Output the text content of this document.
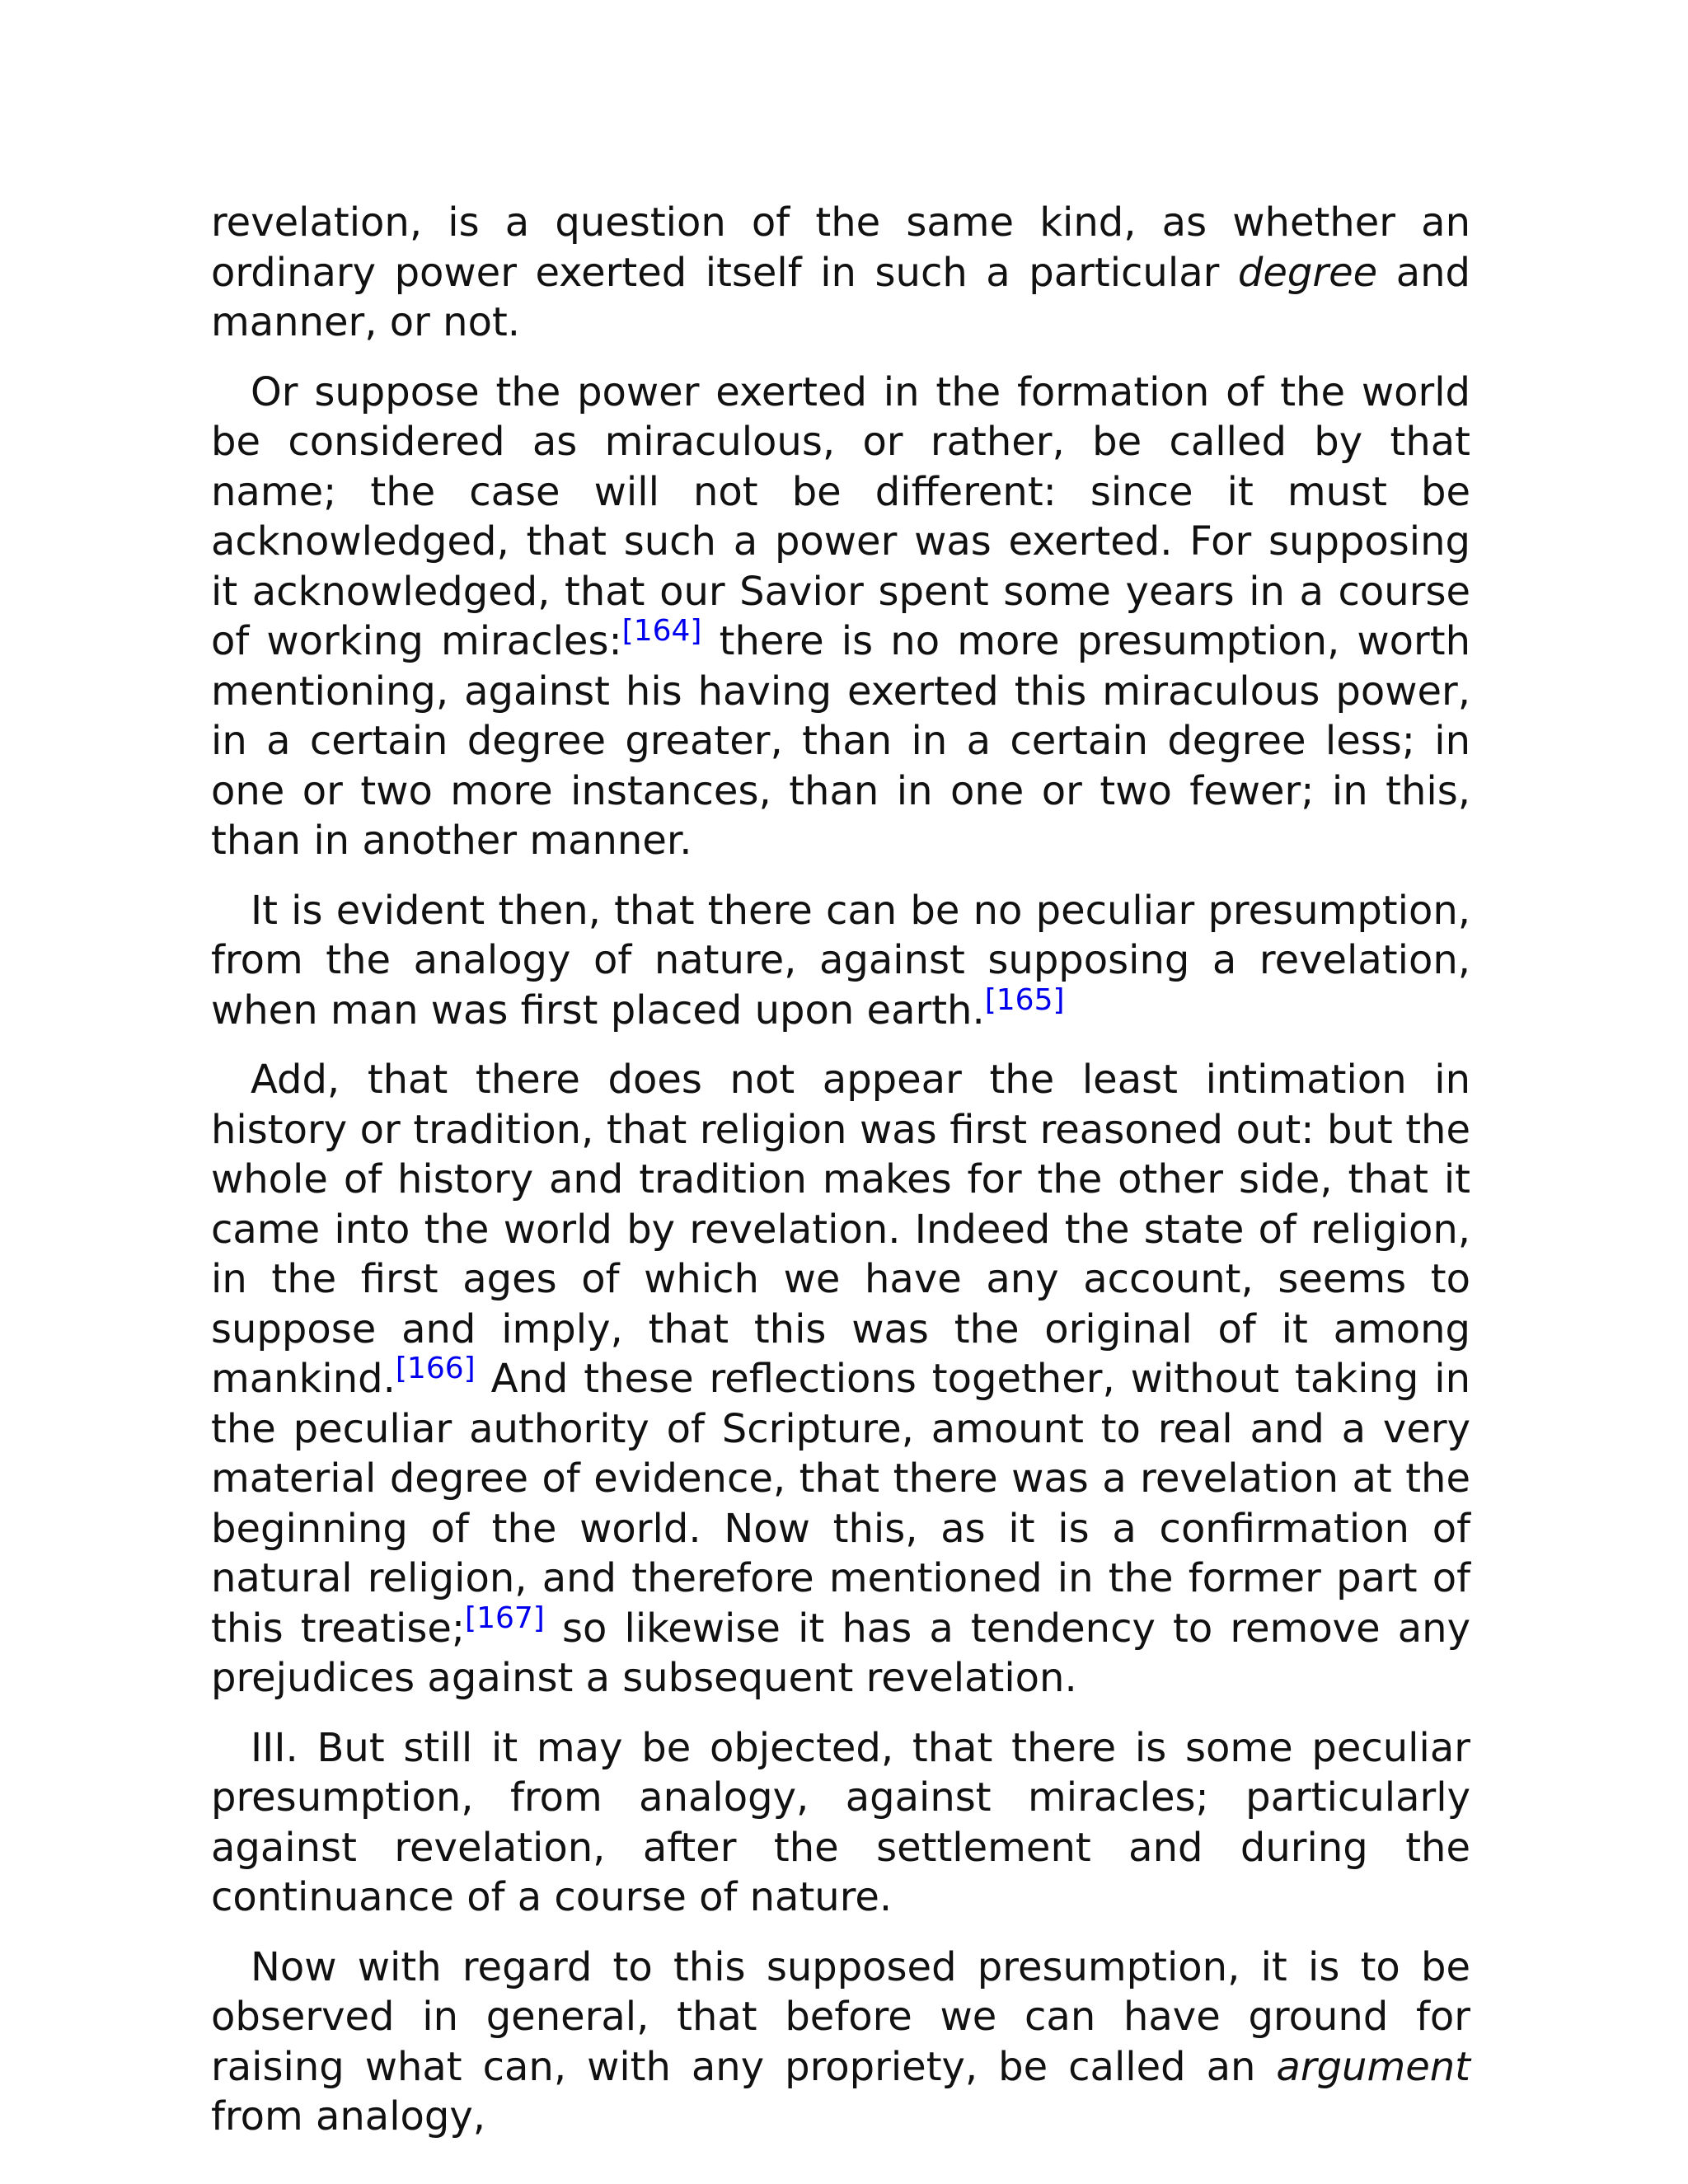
revelation, is a question of the same kind, as whether an ordinary power exerted itself in such a particular degree and manner, or not.

Or suppose the power exerted in the formation of the world be considered as miraculous, or rather, be called by that name; the case will not be different: since it must be acknowledged, that such a power was exerted. For supposing it acknowledged, that our Savior spent some years in a course of working miracles:[164] there is no more presumption, worth mentioning, against his having exerted this miraculous power, in a certain degree greater, than in a certain degree less; in one or two more instances, than in one or two fewer; in this, than in another manner.

It is evident then, that there can be no peculiar presumption, from the analogy of nature, against supposing a revelation, when man was first placed upon earth.[165]

Add, that there does not appear the least intimation in history or tradition, that religion was first reasoned out: but the whole of history and tradition makes for the other side, that it came into the world by revelation. Indeed the state of religion, in the first ages of which we have any account, seems to suppose and imply, that this was the original of it among mankind.[166] And these reflections together, without taking in the peculiar authority of Scripture, amount to real and a very material degree of evidence, that there was a revelation at the beginning of the world. Now this, as it is a confirmation of natural religion, and therefore mentioned in the former part of this treatise;[167] so likewise it has a tendency to remove any prejudices against a subsequent revelation.

III. But still it may be objected, that there is some peculiar presumption, from analogy, against miracles; particularly against revelation, after the settlement and during the continuance of a course of nature.

Now with regard to this supposed presumption, it is to be observed in general, that before we can have ground for raising what can, with any propriety, be called an argument from analogy,
